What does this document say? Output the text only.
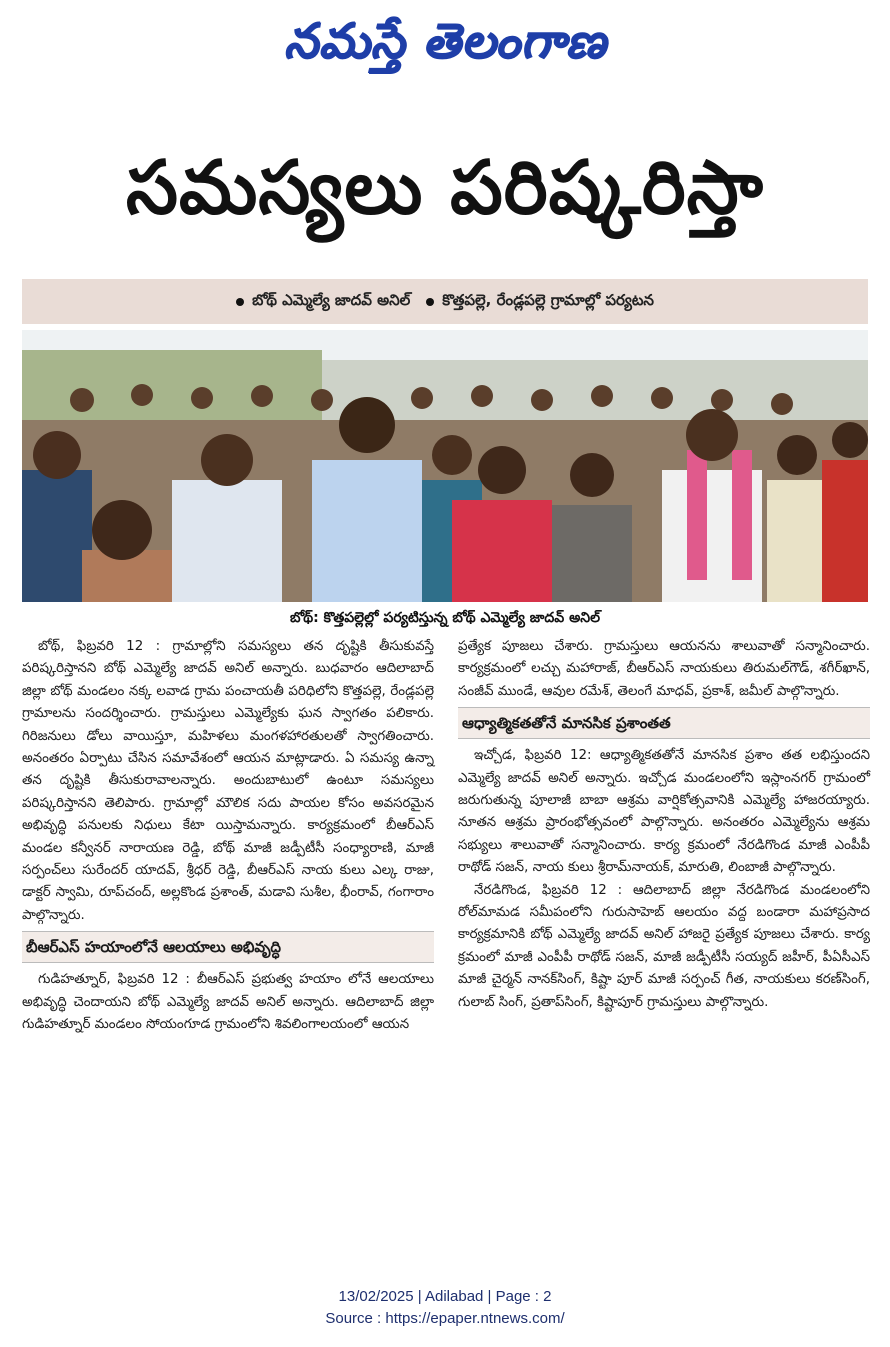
నమస్తే తెలంగాణ
సమస్యలు పరిష్కరిస్తా
బోథ్ ఎమ్మెల్యే జాదవ్ అనిల్ కొత్తపల్లె, రేండ్లపల్లె గ్రామాల్లో పర్యటన
బోథ్: కొత్తపల్లెల్లో పర్యటిస్తున్న బోథ్ ఎమ్మెల్యే జాదవ్ అనిల్

బోథ్, ఫిబ్రవరి 12 : గ్రామాల్లోని సమస్యలు తన దృష్టికి తీసుకువస్తే పరిష్కరిస్తానని బోథ్ ఎమ్మెల్యే జాదవ్ అనిల్ అన్నారు. బుధవారం ఆదిలాబాద్ జిల్లా బోథ్ మండలం నక్క లవాడ గ్రామ పంచాయతీ పరిధిలోని కొత్తపల్లె, రేండ్లపల్లె గ్రామాలను సందర్శించారు. గ్రామస్తులు ఎమ్మెల్యేకు ఘన స్వాగతం పలికారు. గిరిజనులు డోలు వాయిస్తూ, మహిళలు మంగళహారతులతో స్వాగతించారు. అనంతరం ఏర్పాటు చేసిన సమావేశంలో ఆయన మాట్లాడారు. ఏ సమస్య ఉన్నా తన దృష్టికి తీసుకురావాలన్నారు. అందుబాటులో ఉంటూ సమస్యలు పరిష్కరిస్తానని తెలిపారు. గ్రామాల్లో మౌలిక సదు పాయల కోసం అవసరమైన అభివృద్ధి పనులకు నిధులు కేటా యిస్తామన్నారు. కార్యక్రమంలో బీఆర్ఎస్ మండల కన్వీనర్ నారాయణ రెడ్డి, బోథ్ మాజీ జడ్పీటీసీ సంధ్యారాణి, మాజీ సర్పంచ్‌లు సురేందర్ యాదవ్, శ్రీధర్ రెడ్డి, బీఆర్ఎస్ నాయ కులు ఎల్క రాజు, డాక్టర్ స్వామి, రూప్‌చంద్, అల్లకొండ ప్రశాంత్, మడావి సుశీల, భీంరావ్, గంగారాం పాల్గొన్నారు.

బీఆర్ఎస్ హయాంలోనే ఆలయాలు అభివృద్ధి

గుడిహత్నూర్, ఫిబ్రవరి 12 : బీఆర్ఎస్ ప్రభుత్వ హయాం లోనే ఆలయాలు అభివృద్ధి చెందాయని బోథ్ ఎమ్మెల్యే జాదవ్ అనిల్ అన్నారు. ఆదిలాబాద్ జిల్లా గుడిహత్నూర్ మండలం సోయంగూడ గ్రామంలోని శివలింగాలయంలో ఆయన

ప్రత్యేక పూజలు చేశారు. గ్రామస్తులు ఆయనను శాలువాతో సన్మానించారు. కార్యక్రమంలో లచ్చు మహారాజ్, బీఆర్ఎస్ నాయకులు తిరుమల్‌గౌడ్, శగీర్‌ఖాన్, సంజీవ్ ముండే, ఆవుల రమేశ్, తెలంగే మాధవ్, ప్రకాశ్, జమీల్ పాల్గొన్నారు.

ఆధ్యాత్మికతతోనే మానసిక ప్రశాంతత

ఇచ్చోడ, ఫిబ్రవరి 12: ఆధ్యాత్మికతతోనే మానసిక ప్రశాం తత లభిస్తుందని ఎమ్మెల్యే జాదవ్ అనిల్ అన్నారు. ఇచ్చోడ మండలంలోని ఇస్లాంనగర్ గ్రామంలో జరుగుతున్న పూలాజీ బాబా ఆశ్రమ వార్షికోత్సవానికి ఎమ్మెల్యే హాజరయ్యారు. నూతన ఆశ్రమ ప్రారంభోత్సవంలో పాల్గొన్నారు. అనంతరం ఎమ్మెల్యేను ఆశ్రమ సభ్యులు శాలువాతో సన్మానించారు. కార్య క్రమంలో నేరడిగొండ మాజీ ఎంపీపీ రాథోడ్ సజన్, నాయ కులు శ్రీరామ్‌నాయక్, మారుతి, లింబాజీ పాల్గొన్నారు.

నేరడిగొండ, ఫిబ్రవరి 12 : ఆదిలాబాద్ జిల్లా నేరడిగొండ మండలంలోని రోల్‌మామడ సమీపంలోని గురుసాహెబ్ ఆలయం వద్ద బండారా మహాప్రసాద కార్యక్రమానికి బోథ్ ఎమ్మెల్యే జాదవ్ అనిల్ హాజరై ప్రత్యేక పూజలు చేశారు. కార్య క్రమంలో మాజీ ఎంపీపీ రాథోడ్ సజన్, మాజీ జడ్పీటీసీ సయ్యద్ జహీర్, పీఏసీఎస్ మాజీ చైర్మన్ నానక్‌సింగ్, కిష్టా పూర్ మాజీ సర్పంచ్ గీత, నాయకులు కరణ్‌సింగ్, గులాబ్ సింగ్, ప్రతాప్‌సింగ్, కిష్టాపూర్ గ్రామస్తులు పాల్గొన్నారు.

13/02/2025 | Adilabad | Page : 2
Source : https://epaper.ntnews.com/
